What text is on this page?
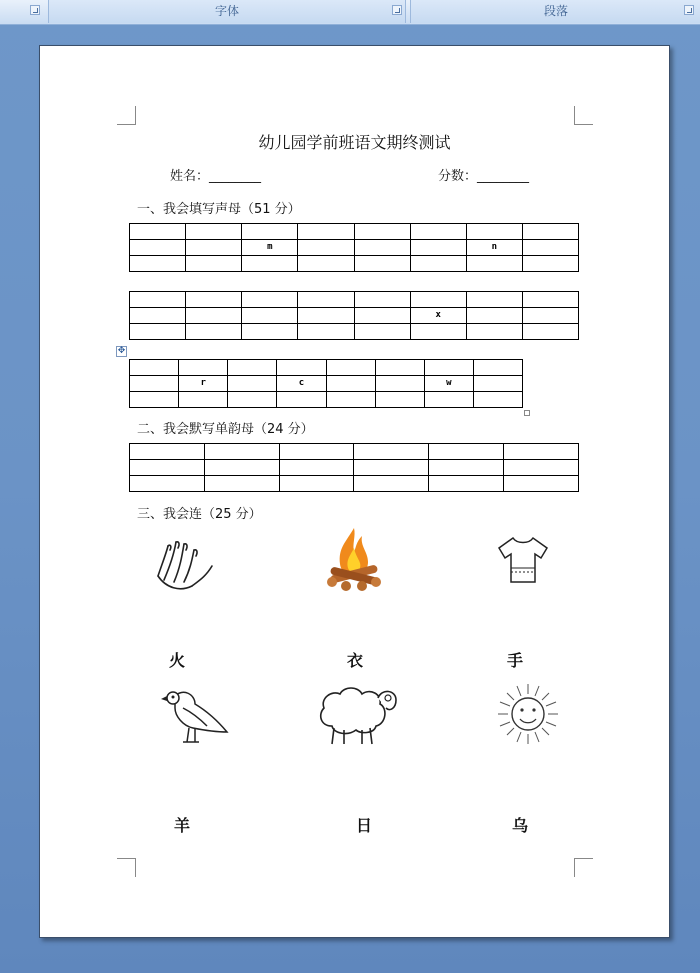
字体	段落
幼儿园学前班语文期终测试
姓名：________	分数：________
一、我会填写声母（51 分）

		m				n	

					x		

✥

	r		c			w	

二、我会默写单韵母（24 分）

三、我会连（25 分）
火	衣	手
羊	日	乌
